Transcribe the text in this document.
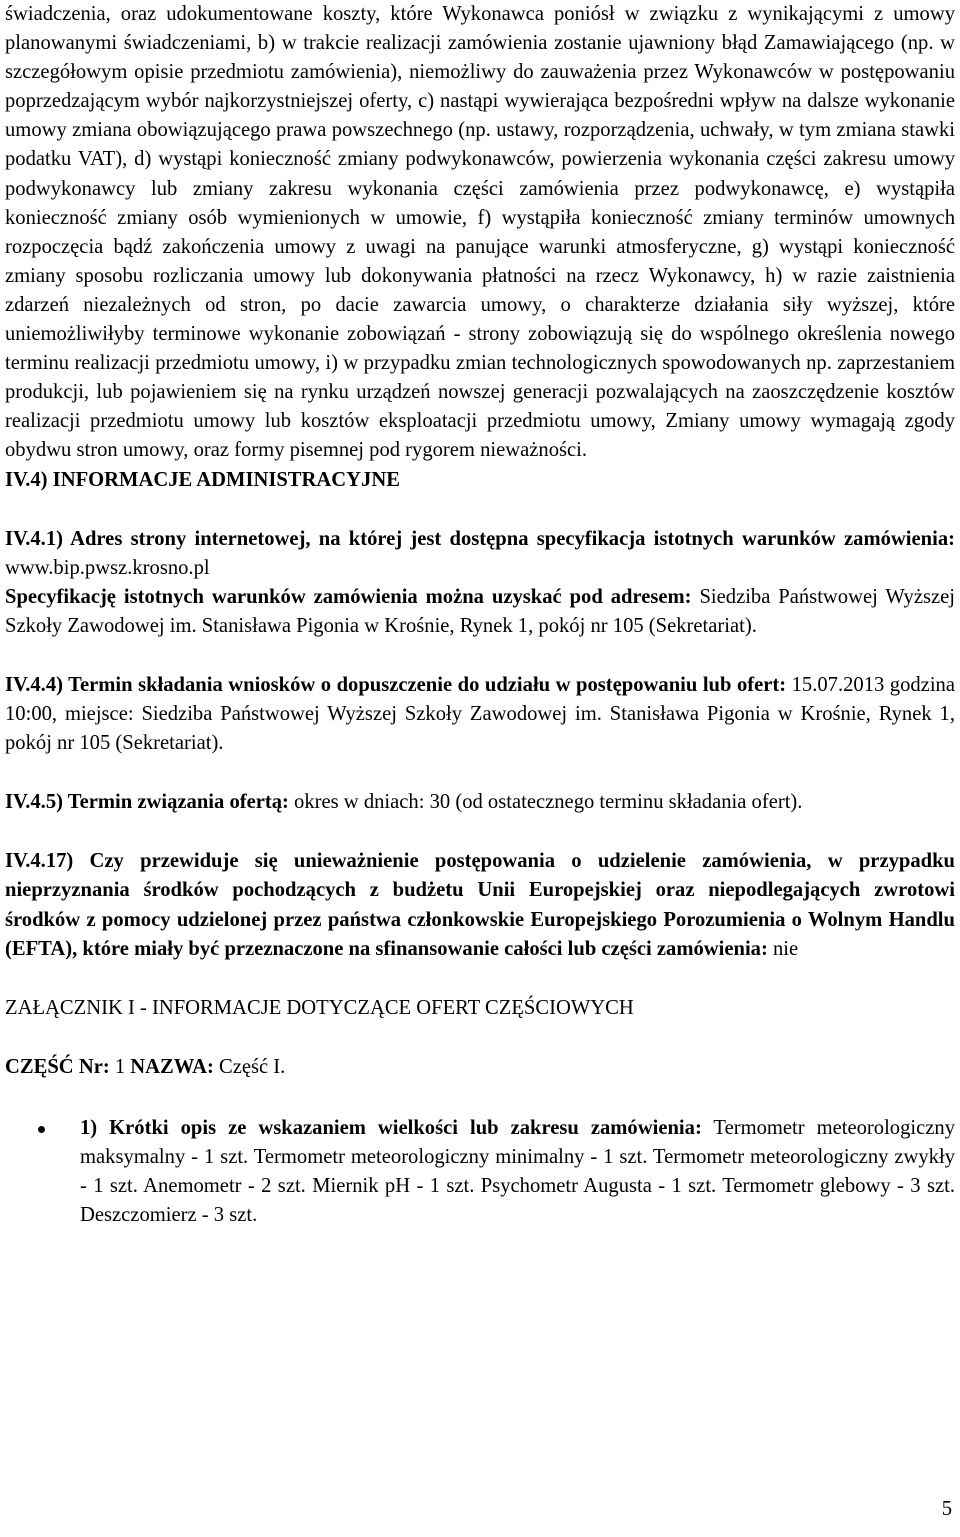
świadczenia, oraz udokumentowane koszty, które Wykonawca poniósł w związku z wynikającymi z umowy planowanymi świadczeniami, b) w trakcie realizacji zamówienia zostanie ujawniony błąd Zamawiającego (np. w szczegółowym opisie przedmiotu zamówienia), niemożliwy do zauważenia przez Wykonawców w postępowaniu poprzedzającym wybór najkorzystniejszej oferty, c) nastąpi wywierająca bezpośredni wpływ na dalsze wykonanie umowy zmiana obowiązującego prawa powszechnego (np. ustawy, rozporządzenia, uchwały, w tym zmiana stawki podatku VAT), d) wystąpi konieczność zmiany podwykonawców, powierzenia wykonania części zakresu umowy podwykonawcy lub zmiany zakresu wykonania części zamówienia przez podwykonawcę, e) wystąpiła konieczność zmiany osób wymienionych w umowie, f) wystąpiła konieczność zmiany terminów umownych rozpoczęcia bądź zakończenia umowy z uwagi na panujące warunki atmosferyczne, g) wystąpi konieczność zmiany sposobu rozliczania umowy lub dokonywania płatności na rzecz Wykonawcy, h) w razie zaistnienia zdarzeń niezależnych od stron, po dacie zawarcia umowy, o charakterze działania siły wyższej, które uniemożliwiłyby terminowe wykonanie zobowiązań - strony zobowiązują się do wspólnego określenia nowego terminu realizacji przedmiotu umowy, i) w przypadku zmian technologicznych spowodowanych np. zaprzestaniem produkcji, lub pojawieniem się na rynku urządzeń nowszej generacji pozwalających na zaoszczędzenie kosztów realizacji przedmiotu umowy lub kosztów eksploatacji przedmiotu umowy, Zmiany umowy wymagają zgody obydwu stron umowy, oraz formy pisemnej pod rygorem nieważności.

IV.4) INFORMACJE ADMINISTRACYJNE

IV.4.1) Adres strony internetowej, na której jest dostępna specyfikacja istotnych warunków zamówienia: www.bip.pwsz.krosno.pl

Specyfikację istotnych warunków zamówienia można uzyskać pod adresem: Siedziba Państwowej Wyższej Szkoły Zawodowej im. Stanisława Pigonia w Krośnie, Rynek 1, pokój nr 105 (Sekretariat).

IV.4.4) Termin składania wniosków o dopuszczenie do udziału w postępowaniu lub ofert: 15.07.2013 godzina 10:00, miejsce: Siedziba Państwowej Wyższej Szkoły Zawodowej im. Stanisława Pigonia w Krośnie, Rynek 1, pokój nr 105 (Sekretariat).

IV.4.5) Termin związania ofertą: okres w dniach: 30 (od ostatecznego terminu składania ofert).

IV.4.17) Czy przewiduje się unieważnienie postępowania o udzielenie zamówienia, w przypadku nieprzyznania środków pochodzących z budżetu Unii Europejskiej oraz niepodlegających zwrotowi środków z pomocy udzielonej przez państwa członkowskie Europejskiego Porozumienia o Wolnym Handlu (EFTA), które miały być przeznaczone na sfinansowanie całości lub części zamówienia: nie

ZAŁĄCZNIK I - INFORMACJE DOTYCZĄCE OFERT CZĘŚCIOWYCH

CZĘŚĆ Nr: 1 NAZWA: Część I.

1) Krótki opis ze wskazaniem wielkości lub zakresu zamówienia: Termometr meteorologiczny maksymalny - 1 szt. Termometr meteorologiczny minimalny - 1 szt. Termometr meteorologiczny zwykły - 1 szt. Anemometr - 2 szt. Miernik pH - 1 szt. Psychometr Augusta - 1 szt. Termometr glebowy - 3 szt. Deszczomierz - 3 szt.
5
